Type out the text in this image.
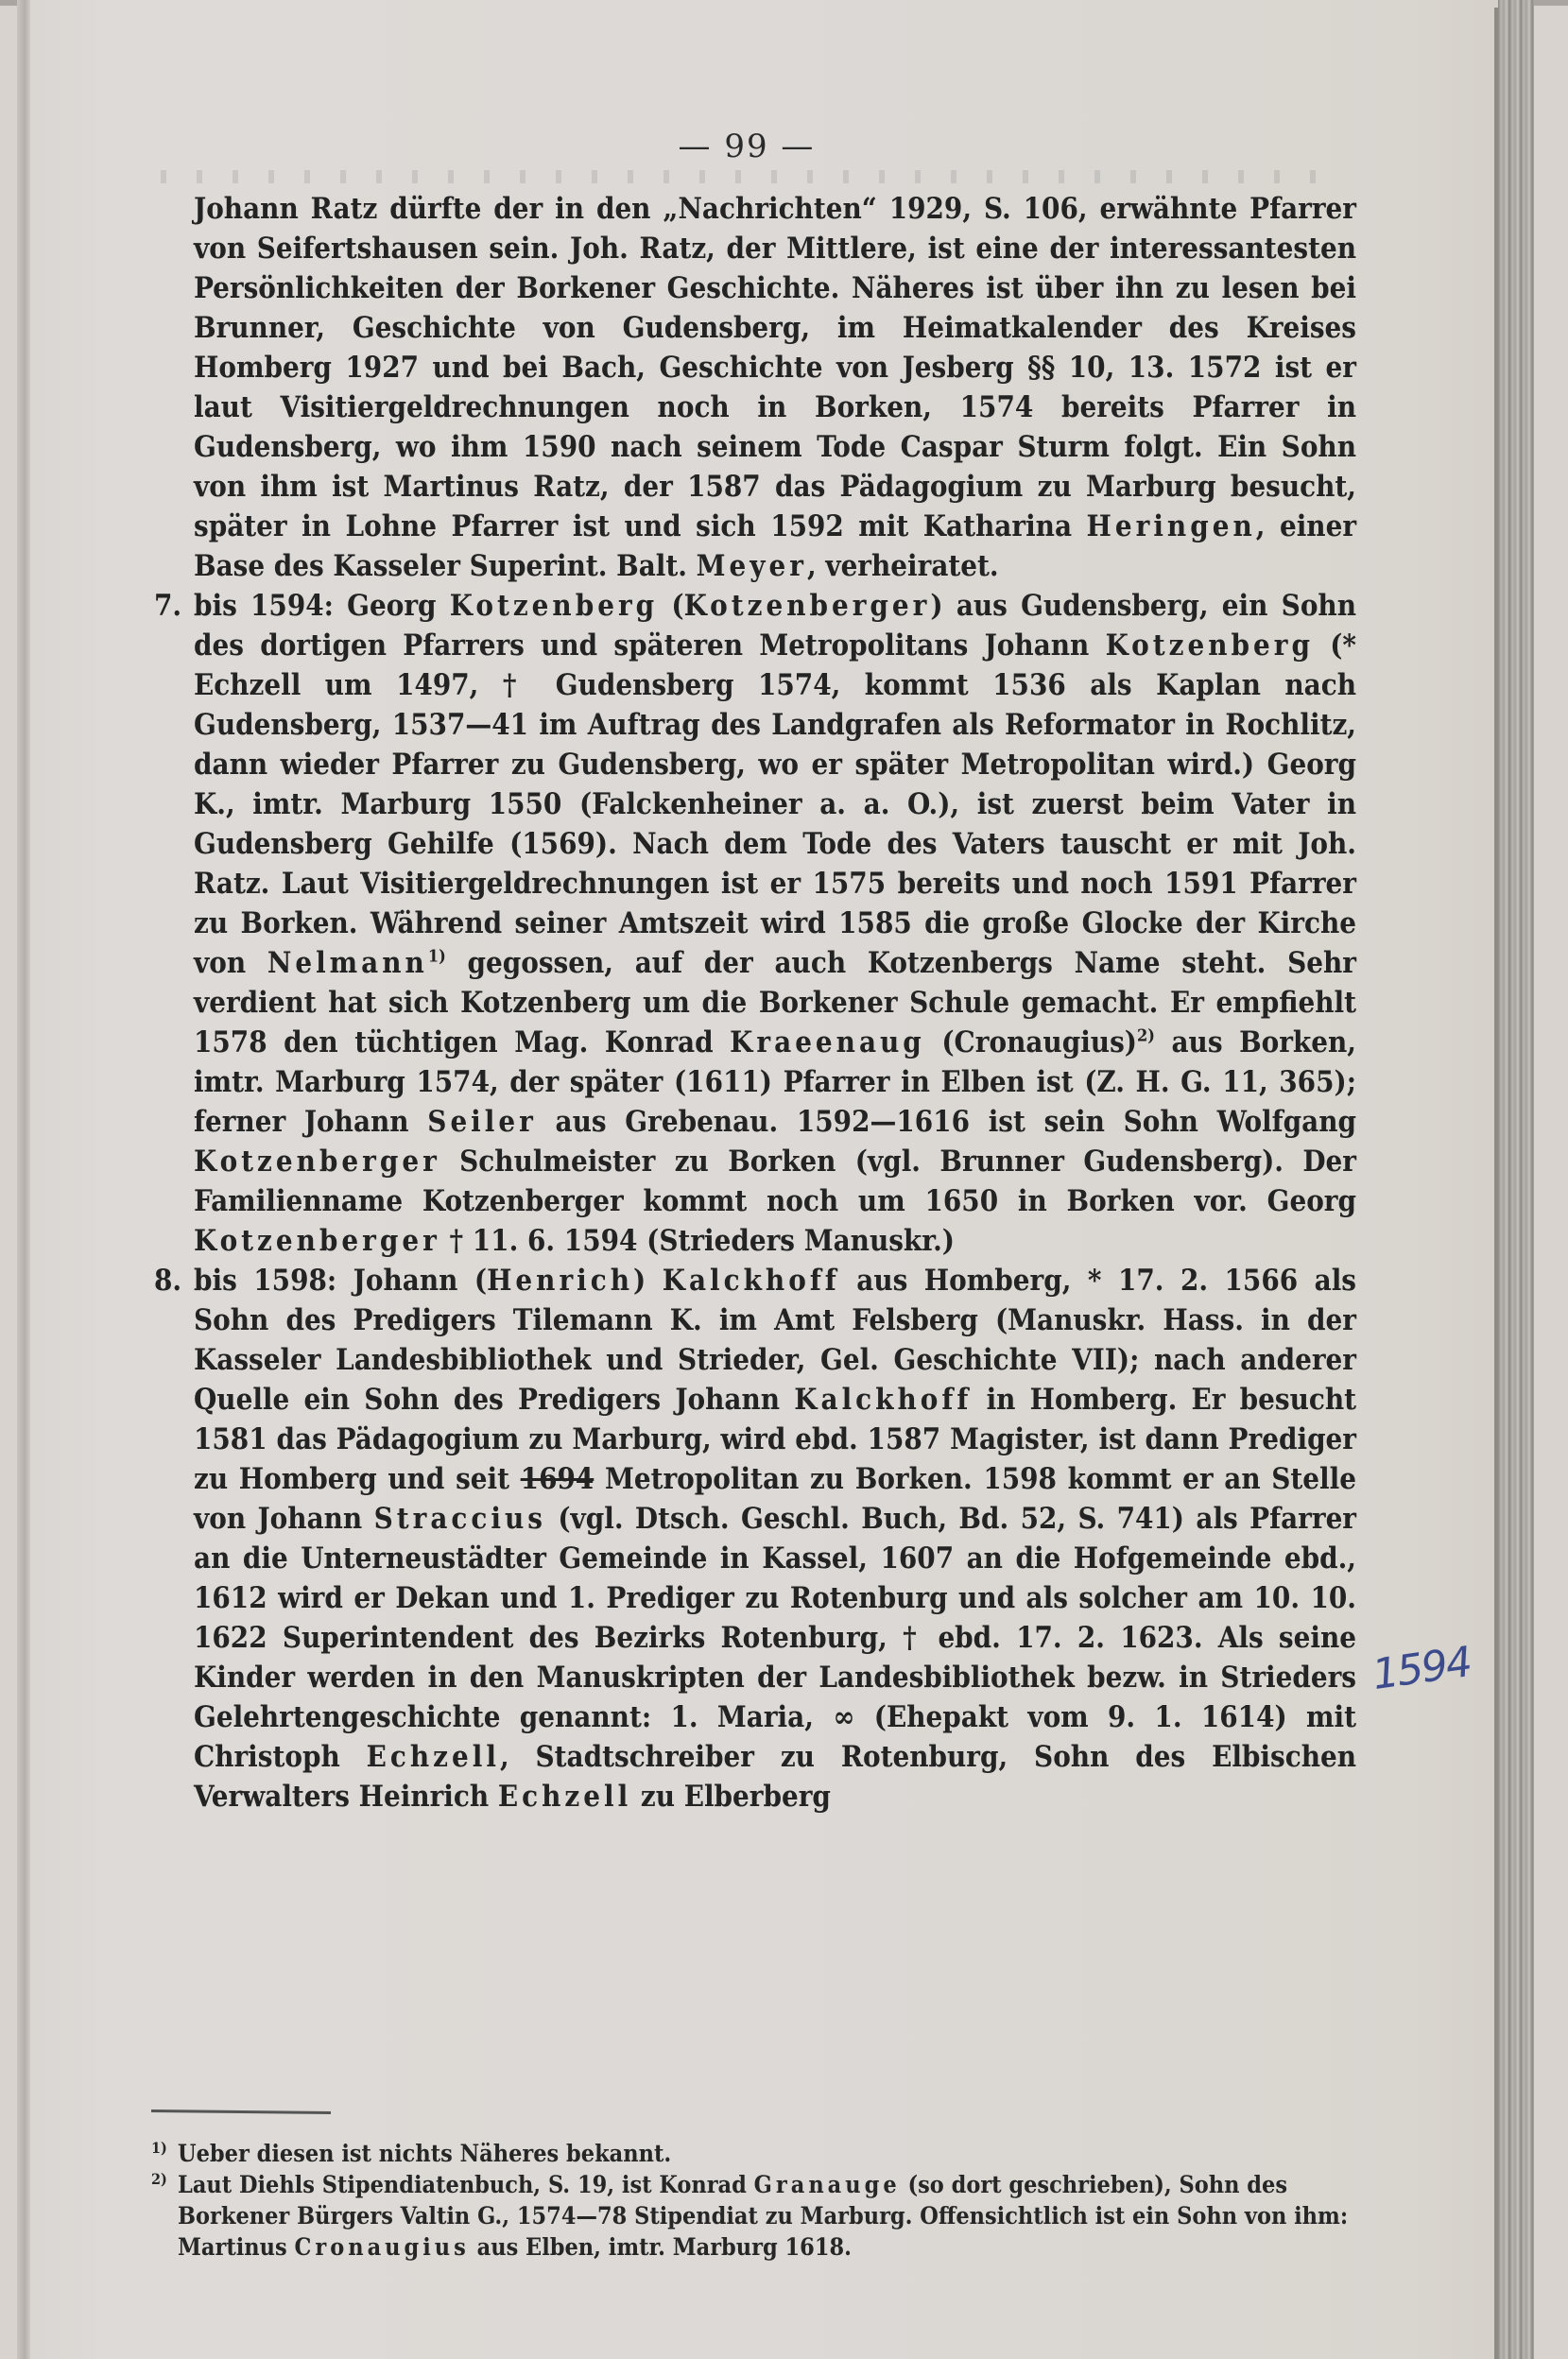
— 99 —

Johann Ratz dürfte der in den „Nachrichten“ 1929, S. 106, erwähnte Pfarrer von Seifertshausen sein. Joh. Ratz, der Mittlere, ist eine der interessantesten Persönlichkeiten der Borkener Geschichte. Näheres ist über ihn zu lesen bei Brunner, Geschichte von Gudensberg, im Heimatkalender des Kreises Homberg 1927 und bei Bach, Geschichte von Jesberg §§ 10, 13. 1572 ist er laut Visitiergeldrechnungen noch in Borken, 1574 bereits Pfarrer in Gudensberg, wo ihm 1590 nach seinem Tode Caspar Sturm folgt. Ein Sohn von ihm ist Martinus Ratz, der 1587 das Pädagogium zu Marburg besucht, später in Lohne Pfarrer ist und sich 1592 mit Katharina Heringen, einer Base des Kasseler Superint. Balt. Meyer, verheiratet.

7. bis 1594: Georg Kotzenberg (Kotzenberger) aus Gudensberg, ein Sohn des dortigen Pfarrers und späteren Metropolitans Johann Kotzenberg (* Echzell um 1497, † Gudensberg 1574, kommt 1536 als Kaplan nach Gudensberg, 1537—41 im Auftrag des Landgrafen als Reformator in Rochlitz, dann wieder Pfarrer zu Gudensberg, wo er später Metropolitan wird.) Georg K., imtr. Marburg 1550 (Falckenheiner a. a. O.), ist zuerst beim Vater in Gudensberg Gehilfe (1569). Nach dem Tode des Vaters tauscht er mit Joh. Ratz. Laut Visitiergeldrechnungen ist er 1575 bereits und noch 1591 Pfarrer zu Borken. Während seiner Amtszeit wird 1585 die große Glocke der Kirche von Nelmann$^{1)}$ gegossen, auf der auch Kotzenbergs Name steht. Sehr verdient hat sich Kotzenberg um die Borkener Schule gemacht. Er empfiehlt 1578 den tüchtigen Mag. Konrad Kraeenaug (Cronaugius)$^{2)}$ aus Borken, imtr. Marburg 1574, der später (1611) Pfarrer in Elben ist (Z. H. G. 11, 365); ferner Johann Seiler aus Grebenau. 1592—1616 ist sein Sohn Wolfgang Kotzenberger Schulmeister zu Borken (vgl. Brunner Gudensberg). Der Familienname Kotzenberger kommt noch um 1650 in Borken vor. Georg Kotzenberger † 11. 6. 1594 (Strieders Manuskr.)

8. bis 1598: Johann (Henrich) Kalckhoff aus Homberg, * 17. 2. 1566 als Sohn des Predigers Tilemann K. im Amt Felsberg (Manuskr. Hass. in der Kasseler Landesbibliothek und Strieder, Gel. Geschichte VII); nach anderer Quelle ein Sohn des Predigers Johann Kalckhoff in Homberg. Er besucht 1581 das Pädagogium zu Marburg, wird ebd. 1587 Magister, ist dann Prediger zu Homberg und seit 1694 Metropolitan zu Borken. 1598 kommt er an Stelle von Johann Straccius (vgl. Dtsch. Geschl. Buch, Bd. 52, S. 741) als Pfarrer an die Unterneustädter Gemeinde in Kassel, 1607 an die Hofgemeinde ebd., 1612 wird er Dekan und 1. Prediger zu Rotenburg und als solcher am 10. 10. 1622 Superintendent des Bezirks Rotenburg, † ebd. 17. 2. 1623. Als seine Kinder werden in den Manuskripten der Landesbibliothek bezw. in Strieders Gelehrtengeschichte genannt: 1. Maria, ∞ (Ehepakt vom 9. 1. 1614) mit Christoph Echzell, Stadtschreiber zu Rotenburg, Sohn des Elbischen Verwalters Heinrich Echzell zu Elberberg

1594

1) Ueber diesen ist nichts Näheres bekannt.

2) Laut Diehls Stipendiatenbuch, S. 19, ist Konrad Granauge (so dort geschrieben), Sohn des Borkener Bürgers Valtin G., 1574—78 Stipendiat zu Marburg. Offensichtlich ist ein Sohn von ihm: Martinus Cronaugius aus Elben, imtr. Marburg 1618.
